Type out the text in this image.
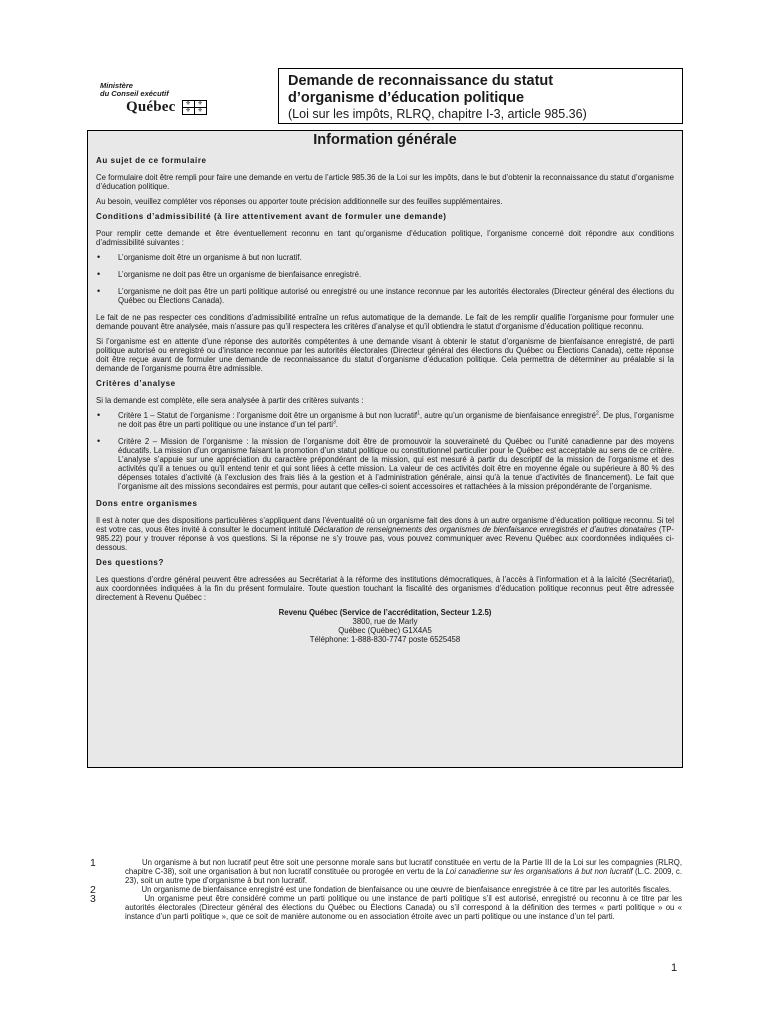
Ministère
du Conseil exécutif
Québec	⚜	⚜
⚜	⚜
Demande de reconnaissance du statut
d’organisme d’éducation politique
(Loi sur les impôts, RLRQ, chapitre I-3, article 985.36)
Information générale
Au sujet de ce formulaire

Ce formulaire doit être rempli pour faire une demande en vertu de l’article 985.36 de la Loi sur les impôts, dans le but d’obtenir la reconnaissance du statut d’organisme d’éducation politique.

Au besoin, veuillez compléter vos réponses ou apporter toute précision additionnelle sur des feuilles supplémentaires.

Conditions d’admissibilité (à lire attentivement avant de formuler une demande)

Pour remplir cette demande et être éventuellement reconnu en tant qu’organisme d’éducation politique, l’organisme concerné doit répondre aux conditions d’admissibilité suivantes :

• L’organisme doit être un organisme à but non lucratif.
• L’organisme ne doit pas être un organisme de bienfaisance enregistré.
• L’organisme ne doit pas être un parti politique autorisé ou enregistré ou une instance reconnue par les autorités électorales (Directeur général des élections du Québec ou Élections Canada).

Le fait de ne pas respecter ces conditions d’admissibilité entraîne un refus automatique de la demande. Le fait de les remplir qualifie l’organisme pour formuler une demande pouvant être analysée, mais n’assure pas qu’il respectera les critères d’analyse et qu’il obtiendra le statut d’organisme d’éducation politique reconnu.

Si l’organisme est en attente d’une réponse des autorités compétentes à une demande visant à obtenir le statut d’organisme de bienfaisance enregistré, de parti politique autorisé ou enregistré ou d’instance reconnue par les autorités électorales (Directeur général des élections du Québec ou Élections Canada), cette réponse doit être reçue avant de formuler une demande de reconnaissance du statut d’organisme d’éducation politique. Cela permettra de déterminer au préalable si la demande de l’organisme pourra être admissible.

Critères d’analyse

Si la demande est complète, elle sera analysée à partir des critères suivants :

• Critère 1 – Statut de l’organisme : l’organisme doit être un organisme à but non lucratif$^1$, autre qu’un organisme de bienfaisance enregistré$^2$. De plus, l’organisme ne doit pas être un parti politique ou une instance d’un tel parti$^3$.
• Critère 2 – Mission de l’organisme : la mission de l’organisme doit être de promouvoir la souveraineté du Québec ou l’unité canadienne par des moyens éducatifs. La mission d’un organisme faisant la promotion d’un statut politique ou constitutionnel particulier pour le Québec est acceptable au sens de ce critère. L’analyse s’appuie sur une appréciation du caractère prépondérant de la mission, qui est mesuré à partir du descriptif de la mission de l’organisme et des activités qu’il a tenues ou qu’il entend tenir et qui sont liées à cette mission. La valeur de ces activités doit être en moyenne égale ou supérieure à 80 % des dépenses totales d’activité (à l’exclusion des frais liés à la gestion et à l’administration générale, ainsi qu’à la tenue d’activités de financement). Le fait que l’organisme ait des missions secondaires est permis, pour autant que celles-ci soient accessoires et rattachées à la mission prépondérante de l’organisme.
Dons entre organismes

Il est à noter que des dispositions particulières s’appliquent dans l’éventualité où un organisme fait des dons à un autre organisme d’éducation politique reconnu. Si tel est votre cas, vous êtes invité à consulter le document intitulé Déclaration de renseignements des organismes de bienfaisance enregistrés et d’autres donataires (TP-985.22) pour y trouver réponse à vos questions. Si la réponse ne s’y trouve pas, vous pouvez communiquer avec Revenu Québec aux coordonnées indiquées ci-dessous.

Des questions?

Les questions d’ordre général peuvent être adressées au Secrétariat à la réforme des institutions démocratiques, à l’accès à l’information et à la laïcité (Secrétariat), aux coordonnées indiquées à la fin du présent formulaire. Toute question touchant la fiscalité des organismes d’éducation politique reconnus peut être adressée directement à Revenu Québec :

Revenu Québec (Service de l’accréditation, Secteur 1.2.5)
3800, rue de Marly
Québec (Québec) G1X4A5
Téléphone: 1-888-830-7747 poste 6525458
1	Un organisme à but non lucratif peut être soit une personne morale sans but lucratif constituée en vertu de la Partie III de la Loi sur les compagnies (RLRQ, chapitre C-38), soit une organisation à but non lucratif constituée ou prorogée en vertu de la Loi canadienne sur les organisations à but non lucratif (L.C. 2009, c. 23), soit un autre type d’organisme à but non lucratif.
2	Un organisme de bienfaisance enregistré est une fondation de bienfaisance ou une œuvre de bienfaisance enregistrée à ce titre par les autorités fiscales.
3	Un organisme peut être considéré comme un parti politique ou une instance de parti politique s’il est autorisé, enregistré ou reconnu à ce titre par les autorités électorales (Directeur général des élections du Québec ou Élections Canada) ou s’il correspond à la définition des termes « parti politique » ou « instance d’un parti politique », que ce soit de manière autonome ou en association étroite avec un parti politique ou une instance d’un tel parti.
1
